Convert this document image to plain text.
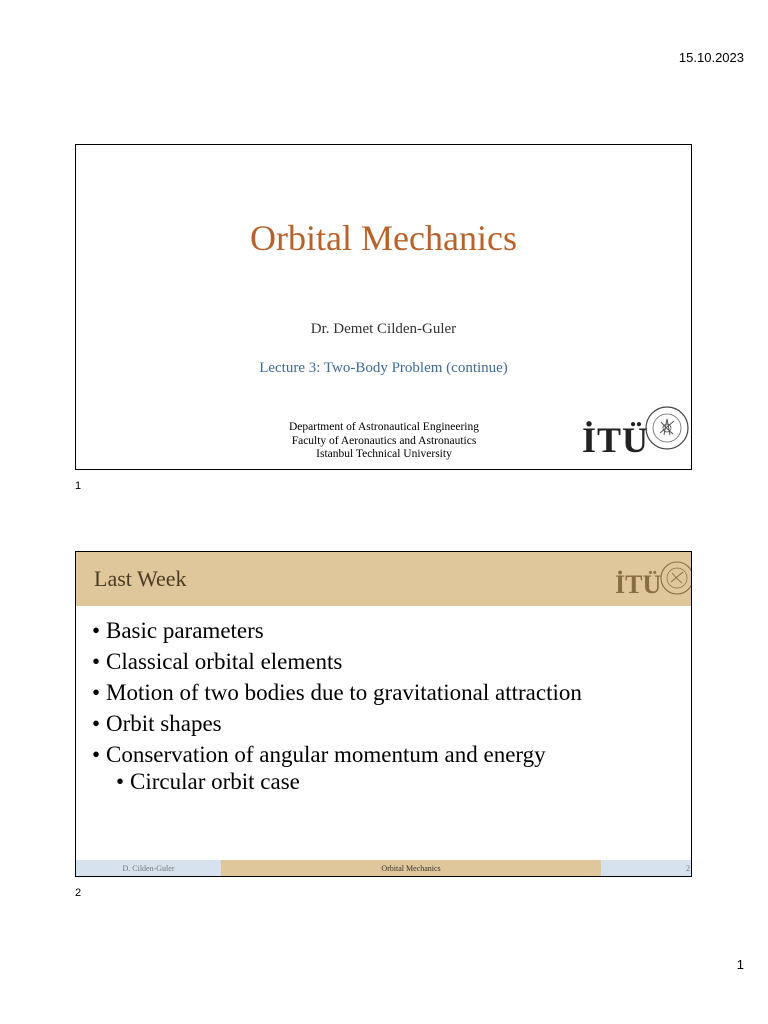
15.10.2023
Orbital Mechanics
Dr. Demet Cilden-Guler
Lecture 3: Two-Body Problem (continue)
Department of Astronautical Engineering
Faculty of Aeronautics and Astronautics
Istanbul Technical University	İTÜ
1
Last Week	İTÜ
• Basic parameters
• Classical orbital elements
• Motion of two bodies due to gravitational attraction
• Orbit shapes
• Conservation of angular momentum and energy
• Circular orbit case
D. Cilden-Guler	Orbital Mechanics	2
2
1
